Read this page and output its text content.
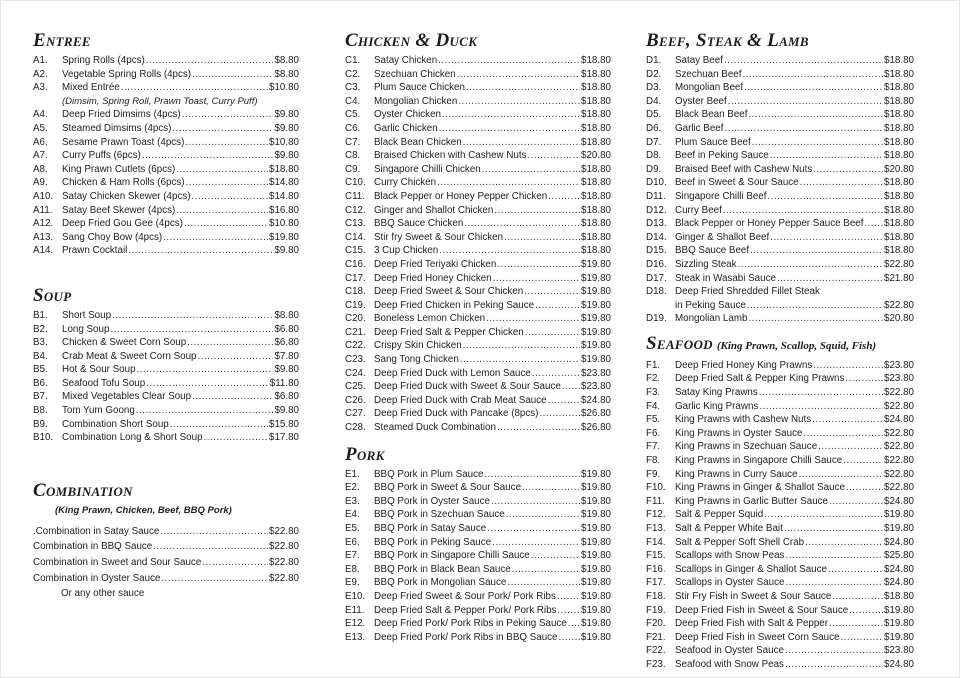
Entree
A1.	Spring Rolls (4pcs) .....	$8.80
A2.	Vegetable Spring Rolls (4pcs) .....	$8.80
A3.	Mixed Entrée .....	$10.80
(Dimsim, Spring Roll, Prawn Toast, Curry Puff)
A4.	Deep Fried Dimsims (4pcs) .....	$9.80
A5.	Steamed Dimsims (4pcs) .....	$9.80
A6.	Sesame Prawn Toast (4pcs) .....	$10.80
A7.	Curry Puffs (6pcs) .....	$9.80
A8.	King Prawn Cutlets (6pcs) .....	$18.80
A9.	Chicken & Ham Rolls (6pcs) .....	$14.80
A10. Satay Chicken Skewer (4pcs) .....	$14.80
A11. Satay Beef Skewer (4pcs) .....	$16.80
A12. Deep Fried Gou Gee (4pcs) .....	$10.80
A13. Sang Choy Bow (4pcs) .....	$19.80
A14. Prawn Cocktail .....	$9.80
Soup
B1.	Short Soup .....	$8.80
B2.	Long Soup .....	$6.80
B3.	Chicken & Sweet Corn Soup .....	$6.80
B4.	Crab Meat & Sweet Corn Soup .....	$7.80
B5.	Hot & Sour Soup .....	$9.80
B6.	Seafood Tofu Soup .....	$11.80
B7.	Mixed Vegetables Clear Soup .....	$6.80
B8.	Tom Yum Goong .....	$9.80
B9.	Combination Short Soup .....	$15.80
B10. Combination Long & Short Soup .....	$17.80
Combination
(King Prawn, Chicken, Beef, BBQ Pork)
.Combination in Satay Sauce .....	$22.80
Combination in BBQ Sauce .....	$22.80
Combination in Sweet and Sour Sauce .....	$22.80
Combination in Oyster Sauce .....	$22.80
Or any other sauce
Chicken & Duck
C1.	Satay Chicken .....	$18.80
C2.	Szechuan Chicken .....	$18.80
C3.	Plum Sauce Chicken .....	$18.80
C4.	Mongolian Chicken .....	$18.80
C5.	Oyster Chicken .....	$18.80
C6.	Garlic Chicken .....	$18.80
C7.	Black Bean Chicken .....	$18.80
C8.	Braised Chicken with Cashew Nuts .....	$20.80
C9.	Singapore Chilli Chicken .....	$18.80
C10. Curry Chicken .....	$18.80
C11. Black Pepper or Honey Pepper Chicken .....	$18.80
C12. Ginger and Shallot Chicken .....	$18.80
C13. BBQ Sauce Chicken .....	$18.80
C14. Stir fry Sweet & Sour Chicken .....	$18.80
C15. 3 Cup Chicken .....	$18.80
C16. Deep Fried Teriyaki Chicken .....	$19.80
C17. Deep Fried Honey Chicken .....	$19.80
C18. Deep Fried Sweet & Sour Chicken .....	$19.80
C19. Deep Fried Chicken in Peking Sauce .....	$19.80
C20. Boneless Lemon Chicken .....	$19.80
C21. Deep Fried Salt & Pepper Chicken .....	$19.80
C22. Crispy Skin Chicken .....	$19.80
C23. Sang Tong Chicken .....	$19.80
C24. Deep Fried Duck with Lemon Sauce .....	$23.80
C25. Deep Fried Duck with Sweet & Sour Sauce ..... $23.80
C26. Deep Fried Duck with Crab Meat Sauce .....	$24.80
C27. Deep Fried Duck with Pancake (8pcs) .....	$26.80
C28. Steamed Duck Combination .....	$26.80
Pork
E1.	BBQ Pork in Plum Sauce .....	$19.80
E2.	BBQ Pork in Sweet & Sour Sauce .....	$19.80
E3.	BBQ Pork in Oyster Sauce .....	$19.80
E4.	BBQ Pork in Szechuan Sauce .....	$19.80
E5.	BBQ Pork in Satay Sauce .....	$19.80
E6.	BBQ Pork in Peking Sauce .....	$19.80
E7.	BBQ Pork in Singapore Chilli Sauce .....	$19.80
E8.	BBQ Pork in Black Bean Sauce .....	$19.80
E9.	BBQ Pork in Mongolian Sauce .....	$19.80
E10. Deep Fried Sweet & Sour Pork/ Pork Ribs .....	$19.80
E11. Deep Fried Salt & Pepper Pork/ Pork Ribs .....	$19.80
E12. Deep Fried Pork/ Pork Ribs in Peking Sauce ..... $19.80
E13. Deep Fried Pork/ Pork Ribs in BBQ Sauce ..... $19.80
Beef, Steak & Lamb
D1.	Satay Beef .....	$18.80
D2.	Szechuan Beef .....	$18.80
D3.	Mongolian Beef .....	$18.80
D4.	Oyster Beef .....	$18.80
D5.	Black Bean Beef .....	$18.80
D6.	Garlic Beef .....	$18.80
D7.	Plum Sauce Beef .....	$18.80
D8.	Beef in Peking Sauce .....	$18.80
D9.	Braised Beef with Cashew Nuts .....	$20.80
D10. Beef in Sweet & Sour Sauce .....	$18.80
D11. Singapore Chilli Beef .....	$18.80
D12. Curry Beef .....	$18.80
D13. Black Pepper or Honey Pepper Sauce Beef ..... $18.80
D14. Ginger & Shallot Beef .....	$18.80
D15. BBQ Sauce Beef .....	$18.80
D16. Sizzling Steak .....	$22.80
D17. Steak in Wasabi Sauce .....	$21.80
D18. Deep Fried Shredded Fillet Steak
in Peking Sauce .....	$22.80
D19. Mongolian Lamb .....	$20.80
Seafood (King Prawn, Scallop, Squid, Fish)
F1.	Deep Fried Honey King Prawns .....	$23.80
F2.	Deep Fried Salt & Pepper King Prawns .....	$23.80
F3.	Satay King Prawns .....	$22.80
F4.	Garlic King Prawns .....	$22.80
F5.	King Prawns with Cashew Nuts .....	$24.80
F6.	King Prawns in Oyster Sauce .....	$22.80
F7.	King Prawns in Szechuan Sauce .....	$22.80
F8.	King Prawns in Singapore Chilli Sauce .....	$22.80
F9.	King Prawns in Curry Sauce .....	$22.80
F10. King Prawns in Ginger & Shallot Sauce .....	$22.80
F11.	King Prawns in Garlic Butter Sauce .....	$24.80
F12. Salt & Pepper Squid .....	$19.80
F13. Salt & Pepper White Bait .....	$19.80
F14. Salt & Pepper Soft Shell Crab .....	$24.80
F15. Scallops with Snow Peas .....	$25.80
F16. Scallops in Ginger & Shallot Sauce .....	$24.80
F17. Scallops in Oyster Sauce .....	$24.80
F18. Stir Fry Fish in Sweet & Sour Sauce .....	$18.80
F19. Deep Fried Fish in Sweet & Sour Sauce .....	$19.80
F20. Deep Fried Fish with Salt & Pepper .....	$19.80
F21. Deep Fried Fish in Sweet Corn Sauce .....	$19.80
F22. Seafood in Oyster Sauce .....	$23.80
F23. Seafood with Snow Peas .....	$24.80
